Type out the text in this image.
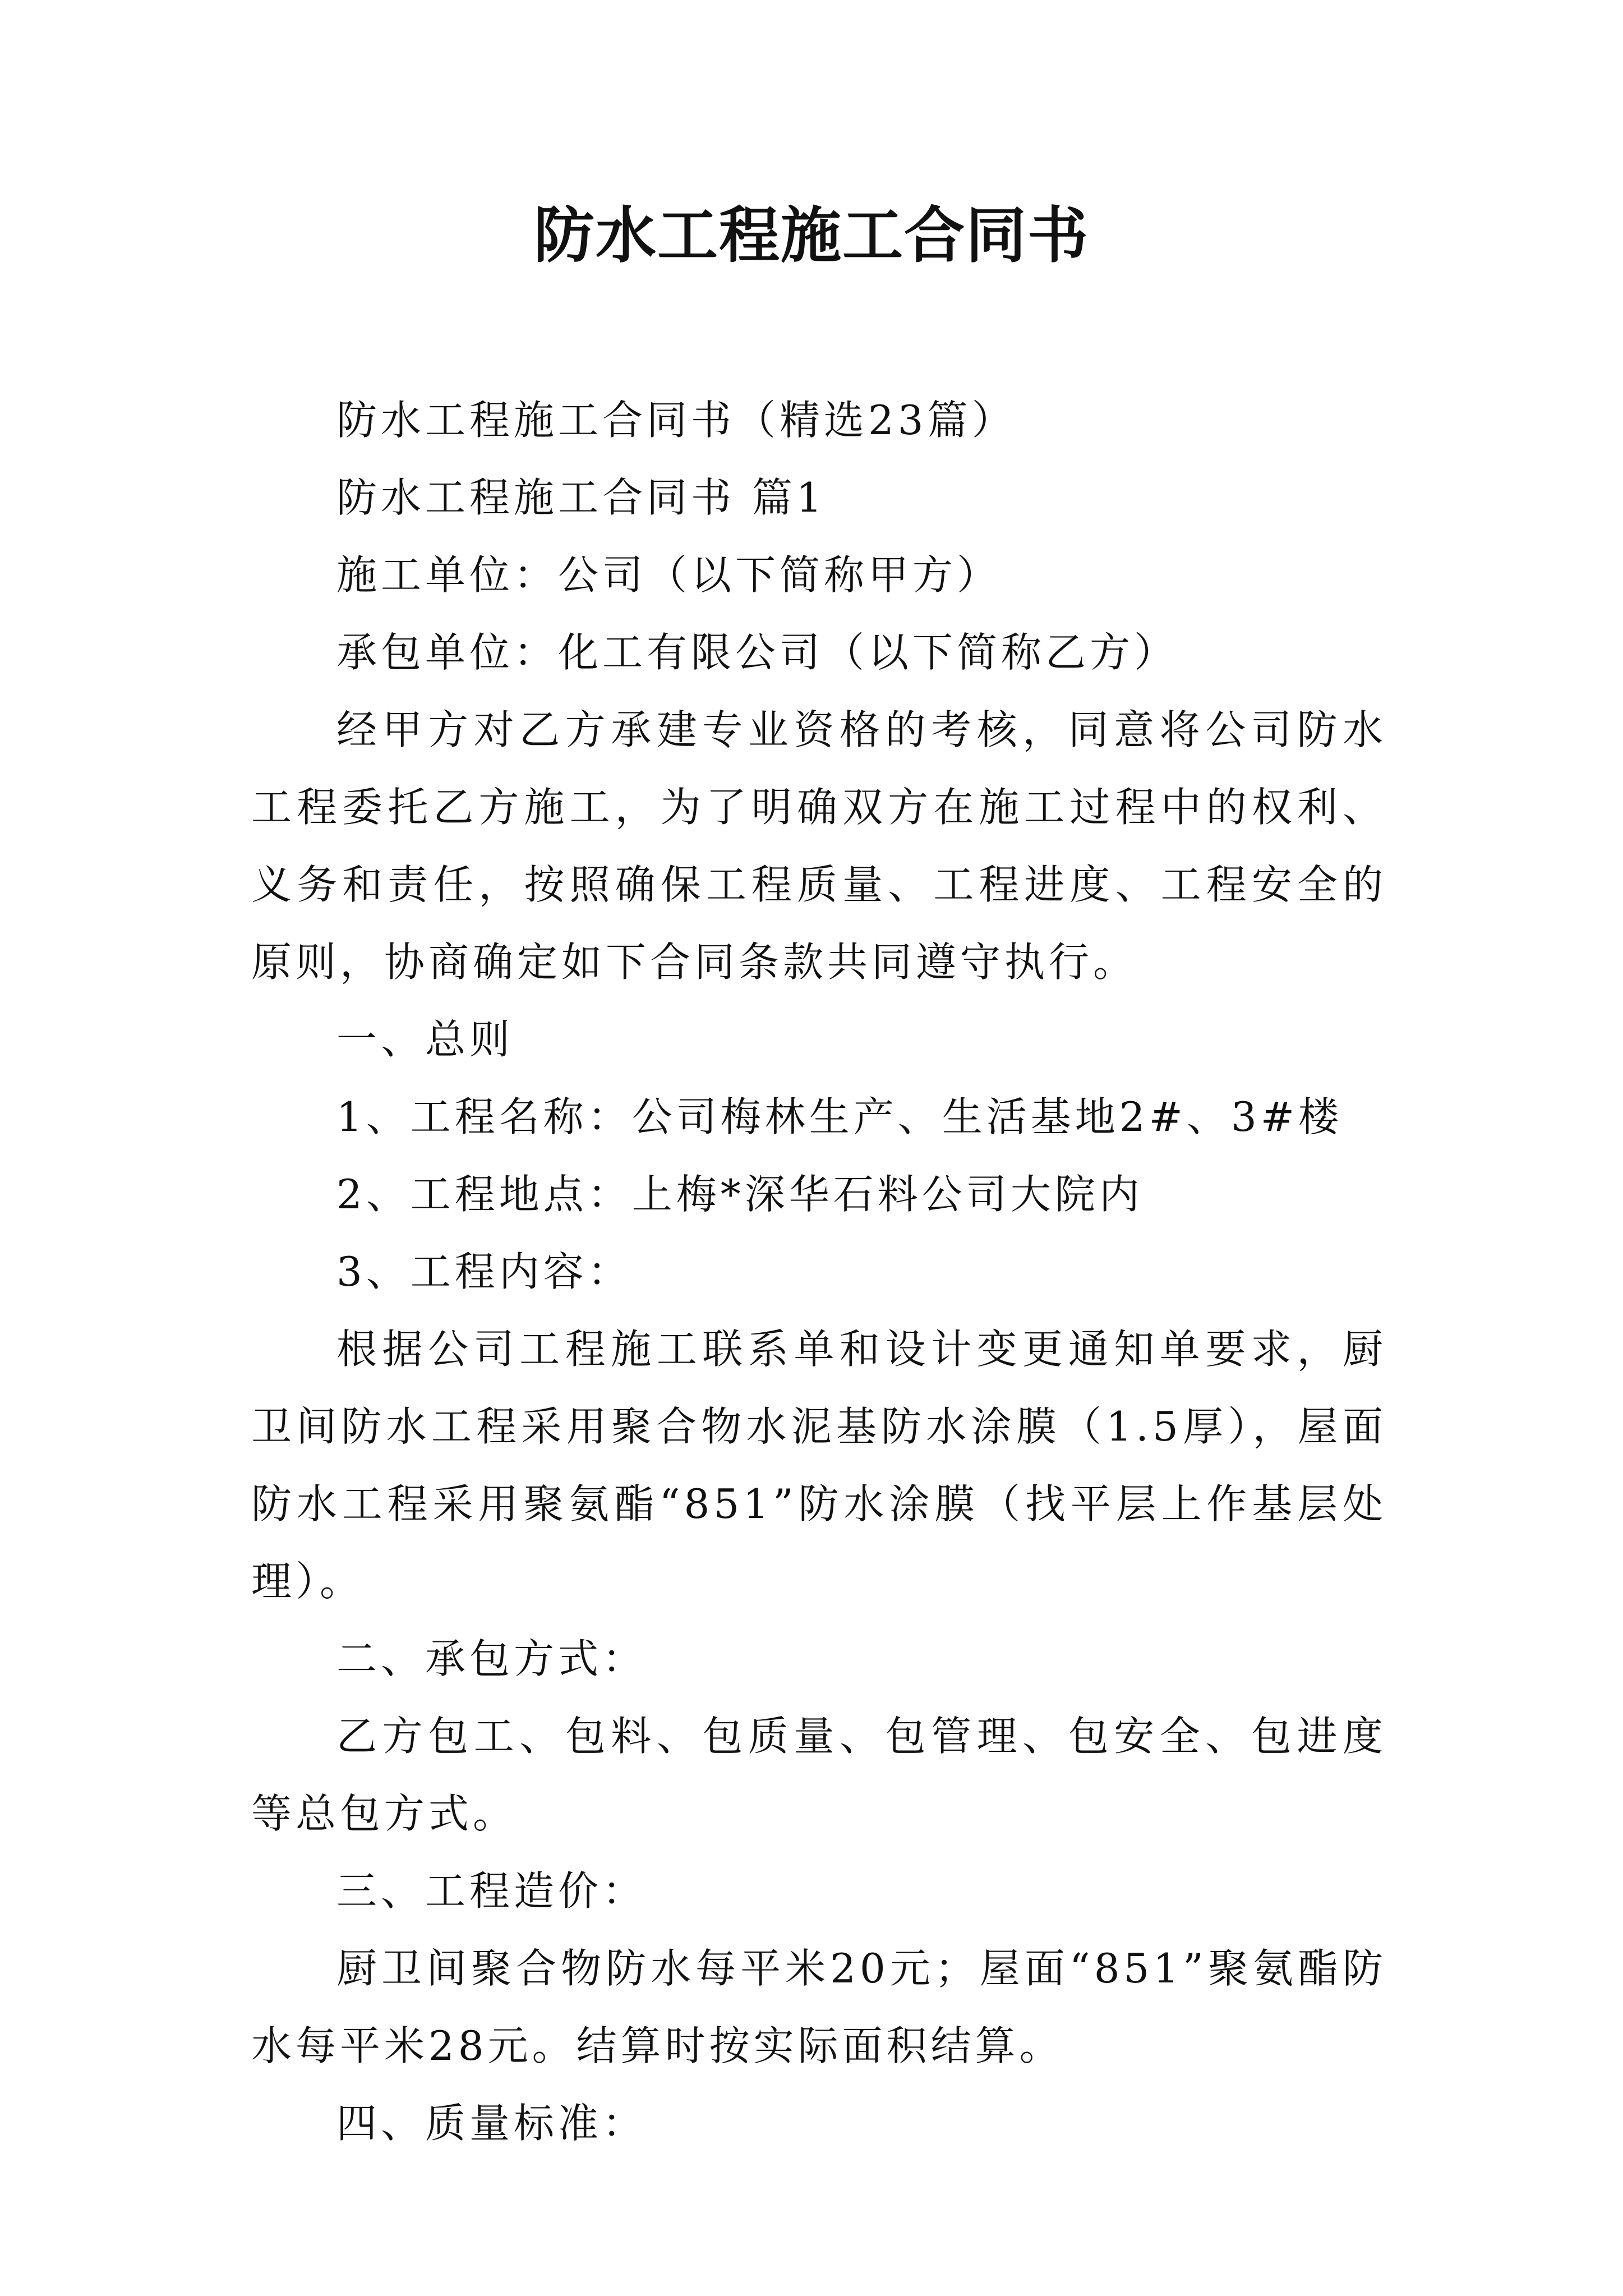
防水工程施工合同书

防水工程施工合同书（精选23篇）

防水工程施工合同书 篇1

施工单位：公司（以下简称甲方）

承包单位：化工有限公司（以下简称乙方）

经甲方对乙方承建专业资格的考核，同意将公司防水工程委托乙方施工，为了明确双方在施工过程中的权利、义务和责任，按照确保工程质量、工程进度、工程安全的原则，协商确定如下合同条款共同遵守执行。

一、总则

1、工程名称：公司梅林生产、生活基地2#、3#楼

2、工程地点：上梅*深华石料公司大院内

3、工程内容：

根据公司工程施工联系单和设计变更通知单要求，厨卫间防水工程采用聚合物水泥基防水涂膜（1.5厚），屋面防水工程采用聚氨酯“851”防水涂膜（找平层上作基层处理）。

二、承包方式：

乙方包工、包料、包质量、包管理、包安全、包进度等总包方式。

三、工程造价：

厨卫间聚合物防水每平米20元；屋面“851”聚氨酯防水每平米28元。结算时按实际面积结算。

四、质量标准：
